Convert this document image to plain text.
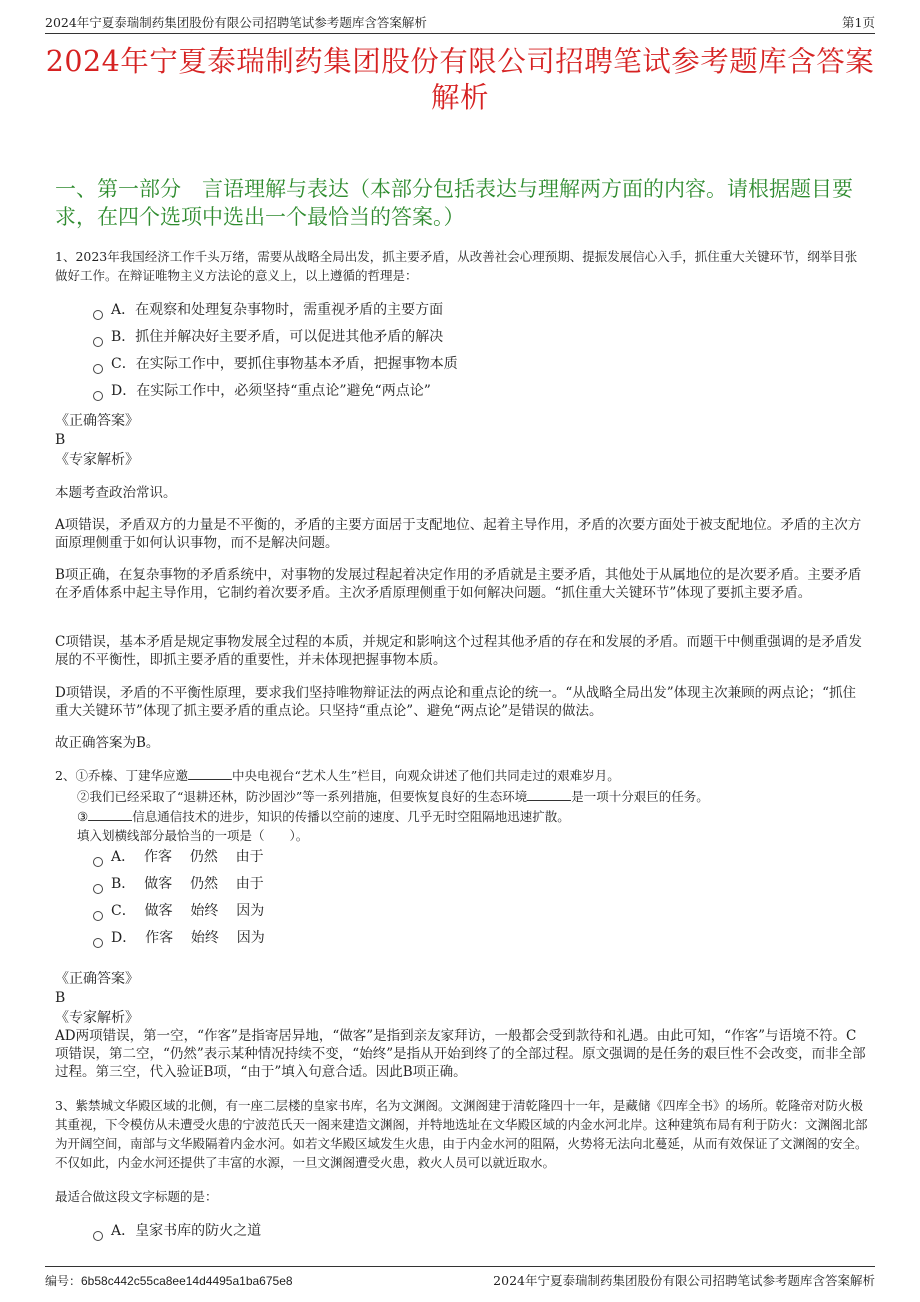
2024年宁夏泰瑞制药集团股份有限公司招聘笔试参考题库含答案解析	第1页
2024年宁夏泰瑞制药集团股份有限公司招聘笔试参考题库含答案解析
一、第一部分　言语理解与表达（本部分包括表达与理解两方面的内容。请根据题目要求，在四个选项中选出一个最恰当的答案。）
1、2023年我国经济工作千头万绪，需要从战略全局出发，抓主要矛盾，从改善社会心理预期、提振发展信心入手，抓住重大关键环节，纲举目张做好工作。在辩证唯物主义方法论的意义上，以上遵循的哲理是：
A．在观察和处理复杂事物时，需重视矛盾的主要方面
B．抓住并解决好主要矛盾，可以促进其他矛盾的解决
C．在实际工作中，要抓住事物基本矛盾，把握事物本质
D．在实际工作中，必须坚持“重点论”避免“两点论”
《正确答案》
B
《专家解析》
本题考查政治常识。
A项错误，矛盾双方的力量是不平衡的，矛盾的主要方面居于支配地位、起着主导作用，矛盾的次要方面处于被支配地位。矛盾的主次方面原理侧重于如何认识事物，而不是解决问题。
B项正确，在复杂事物的矛盾系统中，对事物的发展过程起着决定作用的矛盾就是主要矛盾，其他处于从属地位的是次要矛盾。主要矛盾在矛盾体系中起主导作用，它制约着次要矛盾。主次矛盾原理侧重于如何解决问题。“抓住重大关键环节”体现了要抓主要矛盾。
C项错误，基本矛盾是规定事物发展全过程的本质，并规定和影响这个过程其他矛盾的存在和发展的矛盾。而题干中侧重强调的是矛盾发展的不平衡性，即抓主要矛盾的重要性，并未体现把握事物本质。
D项错误，矛盾的不平衡性原理，要求我们坚持唯物辩证法的两点论和重点论的统一。“从战略全局出发”体现主次兼顾的两点论；“抓住重大关键环节”体现了抓主要矛盾的重点论。只坚持“重点论”、避免“两点论”是错误的做法。
故正确答案为B。
2、①乔榛、丁建华应邀	中央电视台“艺术人生”栏目，向观众讲述了他们共同走过的艰难岁月。
②我们已经采取了“退耕还林，防沙固沙”等一系列措施，但要恢复良好的生态环境	是一项十分艰巨的任务。
③	信息通信技术的进步，知识的传播以空前的速度、几乎无时空阻隔地迅速扩散。
填入划横线部分最恰当的一项是（　　）。
A．  作客    仍然    由于
B．  做客    仍然    由于
C．  做客    始终    因为
D．  作客    始终    因为
《正确答案》
B
《专家解析》
AD两项错误，第一空，“作客”是指寄居异地，“做客”是指到亲友家拜访，一般都会受到款待和礼遇。由此可知，“作客”与语境不符。C项错误，第二空，“仍然”表示某种情况持续不变，“始终”是指从开始到终了的全部过程。原文强调的是任务的艰巨性不会改变，而非全部过程。第三空，代入验证B项，“由于”填入句意合适。因此B项正确。
3、紫禁城文华殿区域的北侧，有一座二层楼的皇家书库，名为文渊阁。文渊阁建于清乾隆四十一年，是藏储《四库全书》的场所。乾隆帝对防火极其重视，下令模仿从未遭受火患的宁波范氏天一阁来建造文渊阁，并特地选址在文华殿区域的内金水河北岸。这种建筑布局有利于防火：文渊阁北部为开阔空间，南部与文华殿隔着内金水河。如若文华殿区域发生火患，由于内金水河的阻隔，火势将无法向北蔓延，从而有效保证了文渊阁的安全。不仅如此，内金水河还提供了丰富的水源，一旦文渊阁遭受火患，救火人员可以就近取水。
最适合做这段文字标题的是：
A．皇家书库的防火之道
编号：6b58c442c55ca8ee14d4495a1ba675e8	2024年宁夏泰瑞制药集团股份有限公司招聘笔试参考题库含答案解析
